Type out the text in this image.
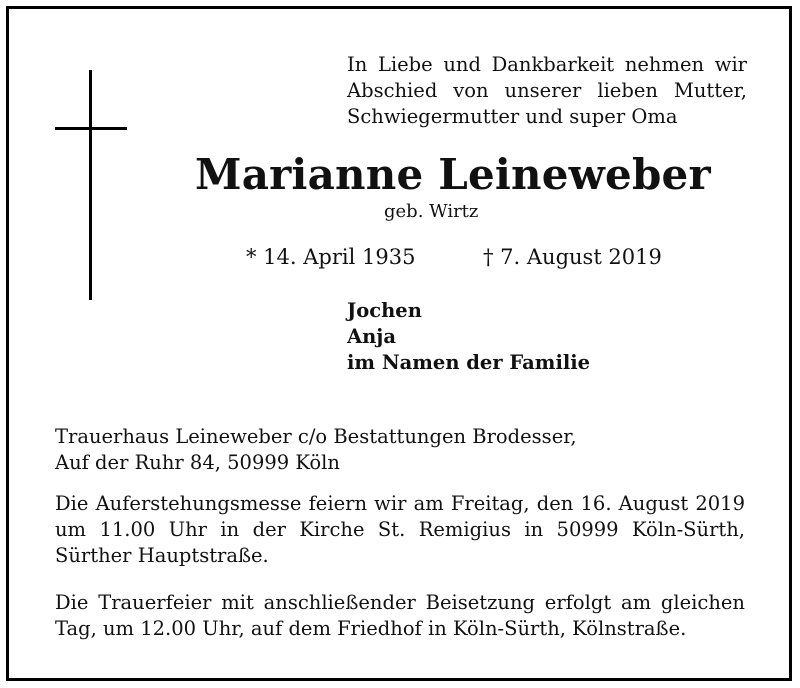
In Liebe und Dankbarkeit nehmen wir
Abschied von unserer lieben Mutter,
Schwiegermutter und super Oma
Marianne Leineweber
geb. Wirtz
* 14. April 1935	† 7. August 2019
Jochen
Anja
im Namen der Familie
Trauerhaus Leineweber c/o Bestattungen Brodesser,
Auf der Ruhr 84, 50999 Köln
Die Auferstehungsmesse feiern wir am Freitag, den 16. August 2019
um 11.00 Uhr in der Kirche St. Remigius in 50999 Köln-Sürth,
Sürther Hauptstraße.
Die Trauerfeier mit anschließender Beisetzung erfolgt am gleichen
Tag, um 12.00 Uhr, auf dem Friedhof in Köln-Sürth, Kölnstraße.
